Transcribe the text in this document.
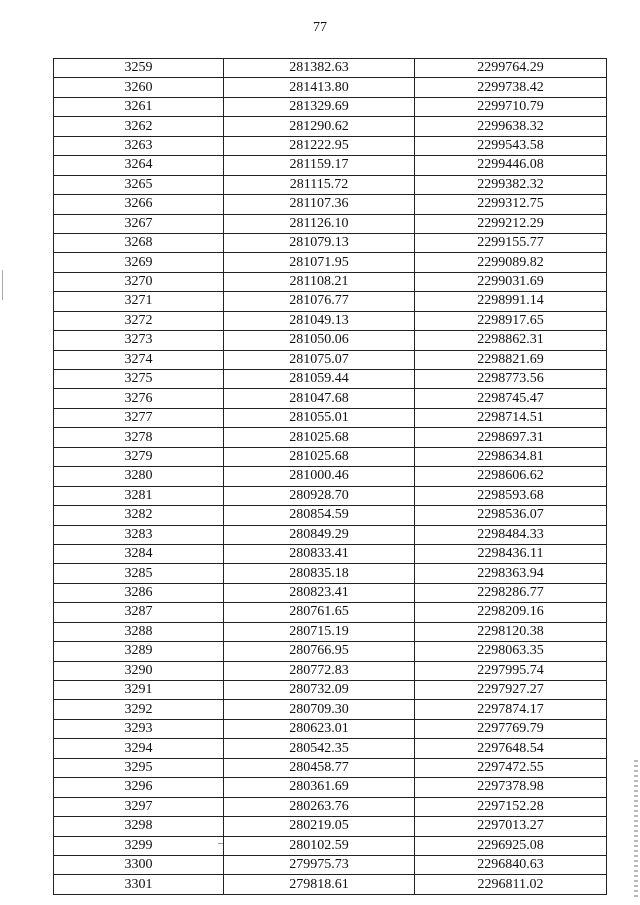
77
3259	281382.63	2299764.29
3260	281413.80	2299738.42
3261	281329.69	2299710.79
3262	281290.62	2299638.32
3263	281222.95	2299543.58
3264	281159.17	2299446.08
3265	281115.72	2299382.32
3266	281107.36	2299312.75
3267	281126.10	2299212.29
3268	281079.13	2299155.77
3269	281071.95	2299089.82
3270	281108.21	2299031.69
3271	281076.77	2298991.14
3272	281049.13	2298917.65
3273	281050.06	2298862.31
3274	281075.07	2298821.69
3275	281059.44	2298773.56
3276	281047.68	2298745.47
3277	281055.01	2298714.51
3278	281025.68	2298697.31
3279	281025.68	2298634.81
3280	281000.46	2298606.62
3281	280928.70	2298593.68
3282	280854.59	2298536.07
3283	280849.29	2298484.33
3284	280833.41	2298436.11
3285	280835.18	2298363.94
3286	280823.41	2298286.77
3287	280761.65	2298209.16
3288	280715.19	2298120.38
3289	280766.95	2298063.35
3290	280772.83	2297995.74
3291	280732.09	2297927.27
3292	280709.30	2297874.17
3293	280623.01	2297769.79
3294	280542.35	2297648.54
3295	280458.77	2297472.55
3296	280361.69	2297378.98
3297	280263.76	2297152.28
3298	280219.05	2297013.27
3299	280102.59	2296925.08
3300	279975.73	2296840.63
3301	279818.61	2296811.02
